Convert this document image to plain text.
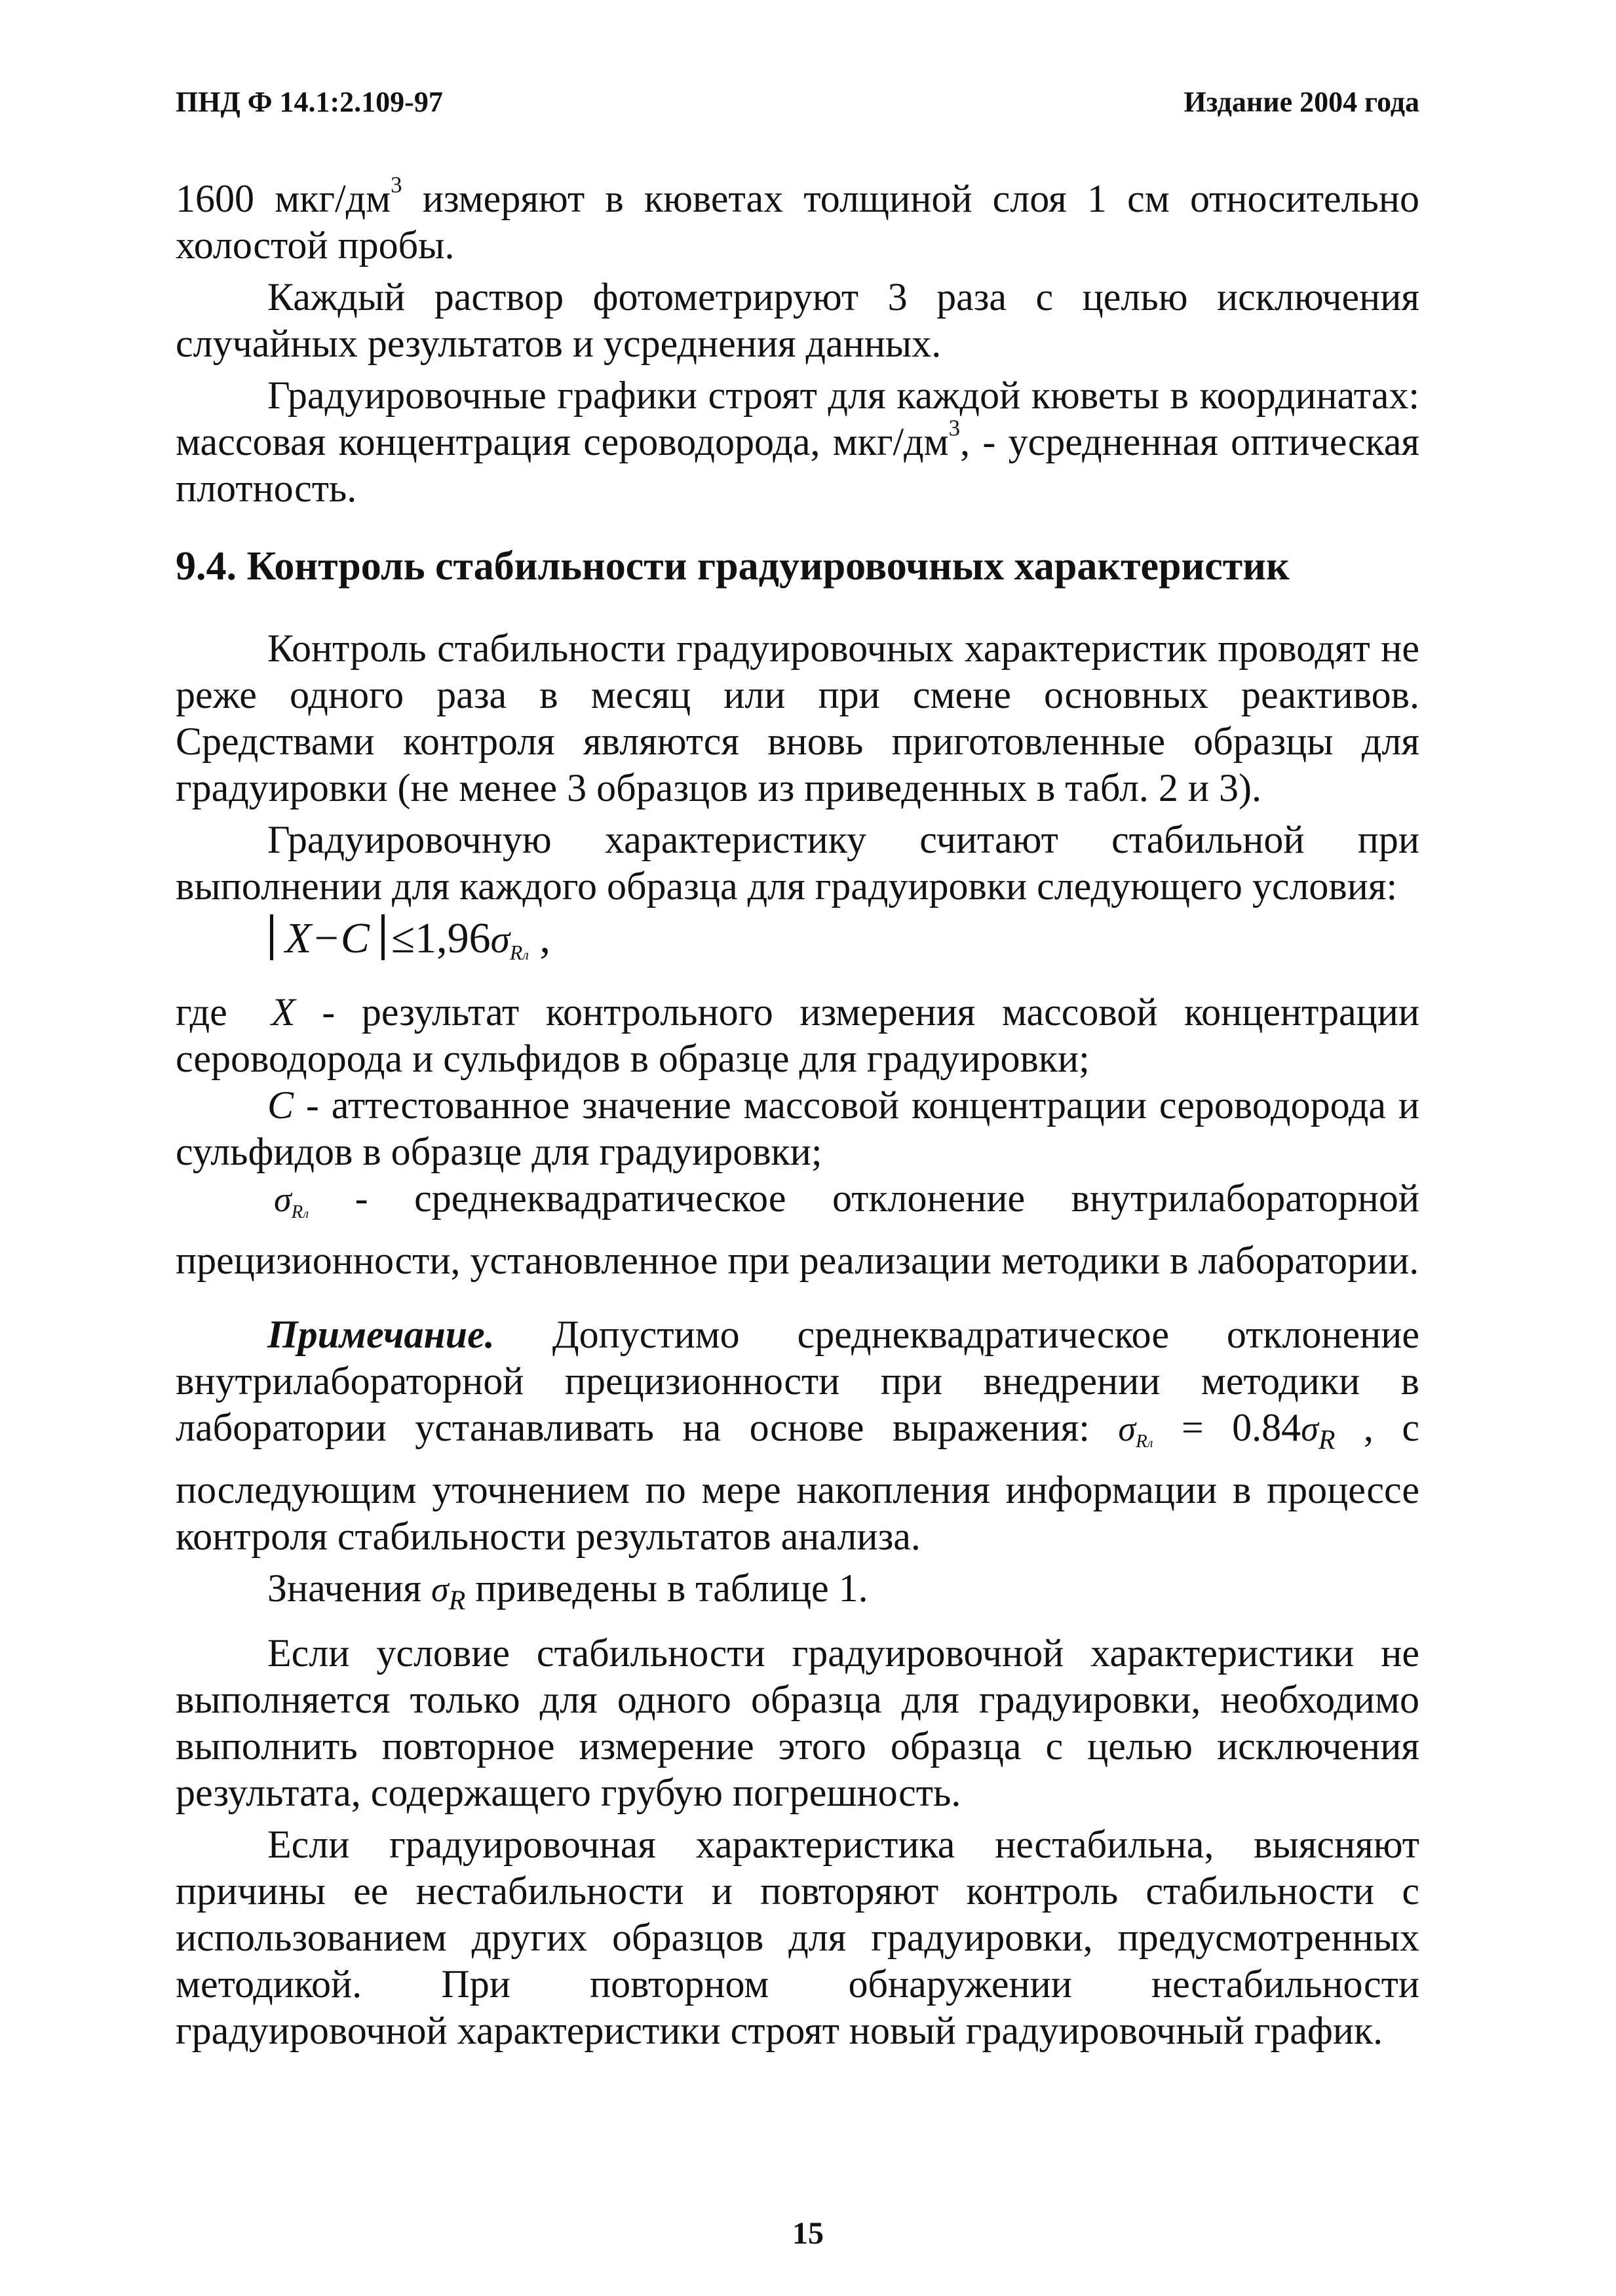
ПНД Ф 14.1:2.109-97	Издание 2004 года

1600 мкг/$дм^3$ измеряют в кюветах толщиной слоя 1 см относительно холостой пробы.

Каждый раствор фотометрируют 3 раза с целью исключения случайных результатов и усреднения данных.

Градуировочные графики строят для каждой кюветы в координатах: массовая концентрация сероводорода, мкг/$дм^3$, - усредненная оптическая плотность.

9.4. Контроль стабильности градуировочных характеристик

Контроль стабильности градуировочных характеристик проводят не реже одного раза в месяц или при смене основных реактивов. Средствами контроля являются вновь приготовленные образцы для градуировки (не менее 3 образцов из приведенных в табл. 2 и 3).

Градуировочную характеристику считают стабильной при выполнении для каждого образца для градуировки следующего условия:

$X-C \le 1,96\sigma_{Rл}$ ,

где X - результат контрольного измерения массовой концентрации сероводорода и сульфидов в образце для градуировки;

C - аттестованное значение массовой концентрации сероводорода и сульфидов в образце для градуировки;

$\sigma_{Rл}$ - среднеквадратическое отклонение внутрилабораторной прецизионности, установленное при реализации методики в лаборатории.

Примечание. Допустимо среднеквадратическое отклонение внутрилабораторной прецизионности при внедрении методики в лаборатории устанавливать на основе выражения: $\sigma_{Rл} = 0.84\sigma_R$ , с последующим уточнением по мере накопления информации в процессе контроля стабильности результатов анализа.

Значения $\sigma_R$ приведены в таблице 1.

Если условие стабильности градуировочной характеристики не выполняется только для одного образца для градуировки, необходимо выполнить повторное измерение этого образца с целью исключения результата, содержащего грубую погрешность.

Если градуировочная характеристика нестабильна, выясняют причины ее нестабильности и повторяют контроль стабильности с использованием других образцов для градуировки, предусмотренных методикой. При повторном обнаружении нестабильности градуировочной характеристики строят новый градуировочный график.

15
